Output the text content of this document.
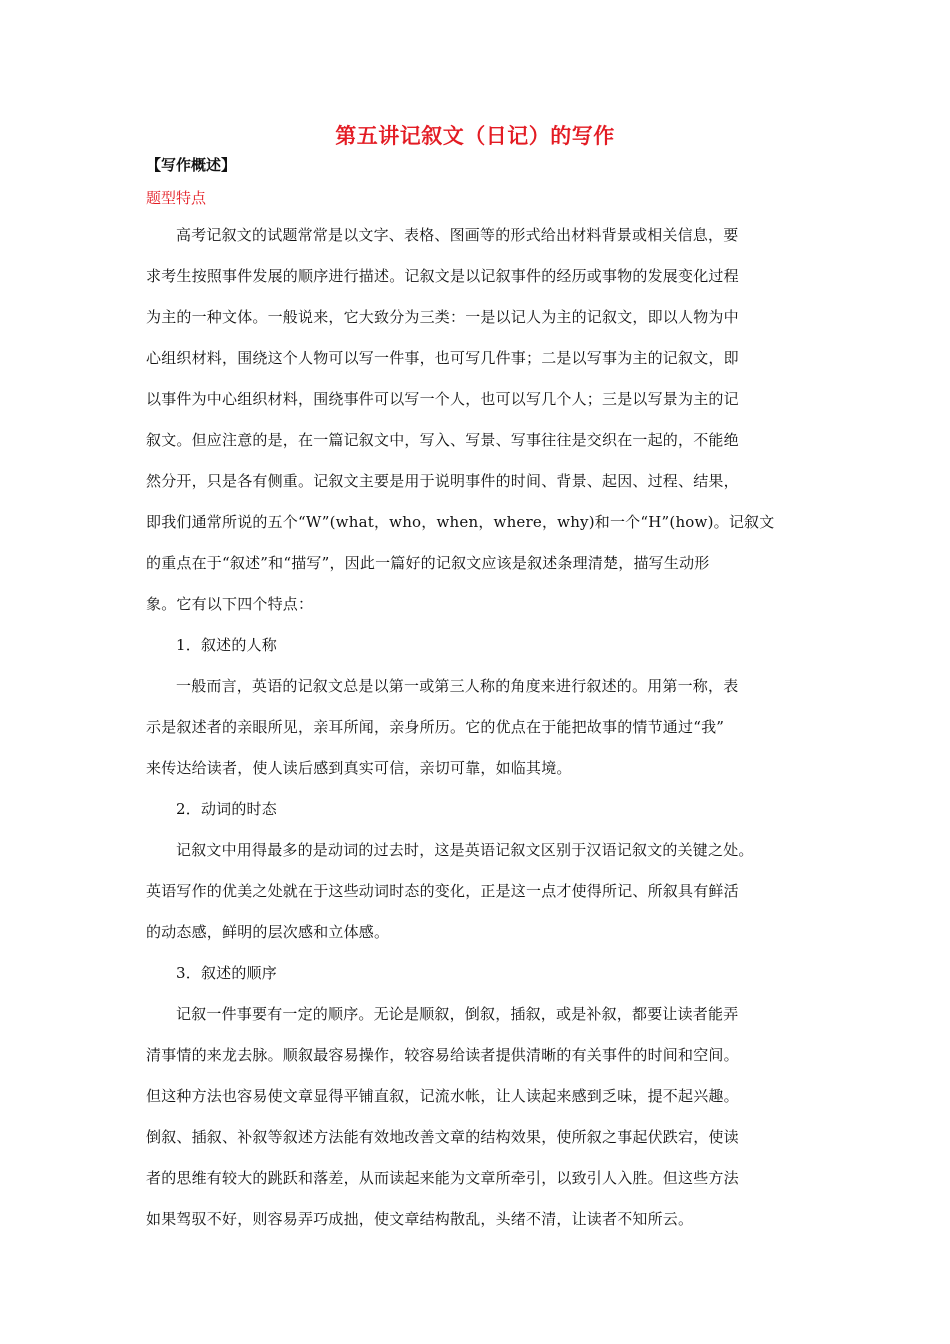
第五讲记叙文（日记）的写作
【写作概述】
题型特点
高考记叙文的试题常常是以文字、表格、图画等的形式给出材料背景或相关信息，要
求考生按照事件发展的顺序进行描述。记叙文是以记叙事件的经历或事物的发展变化过程
为主的一种文体。一般说来，它大致分为三类：一是以记人为主的记叙文，即以人物为中
心组织材料，围绕这个人物可以写一件事，也可写几件事；二是以写事为主的记叙文，即
以事件为中心组织材料，围绕事件可以写一个人，也可以写几个人；三是以写景为主的记
叙文。但应注意的是，在一篇记叙文中，写入、写景、写事往往是交织在一起的，不能绝
然分开，只是各有侧重。记叙文主要是用于说明事件的时间、背景、起因、过程、结果，
即我们通常所说的五个“W”(what，who，when，where，why)和一个“H”(how)。记叙文
的重点在于“叙述”和“描写”，因此一篇好的记叙文应该是叙述条理清楚，描写生动形
象。它有以下四个特点：
1．叙述的人称
一般而言，英语的记叙文总是以第一或第三人称的角度来进行叙述的。用第一称，表
示是叙述者的亲眼所见，亲耳所闻，亲身所历。它的优点在于能把故事的情节通过“我”
来传达给读者，使人读后感到真实可信，亲切可靠，如临其境。
2．动词的时态
记叙文中用得最多的是动词的过去时，这是英语记叙文区别于汉语记叙文的关键之处。
英语写作的优美之处就在于这些动词时态的变化，正是这一点才使得所记、所叙具有鲜活
的动态感，鲜明的层次感和立体感。
3．叙述的顺序
记叙一件事要有一定的顺序。无论是顺叙，倒叙，插叙，或是补叙，都要让读者能弄
清事情的来龙去脉。顺叙最容易操作，较容易给读者提供清晰的有关事件的时间和空间。
但这种方法也容易使文章显得平铺直叙，记流水帐，让人读起来感到乏味，提不起兴趣。
倒叙、插叙、补叙等叙述方法能有效地改善文章的结构效果，使所叙之事起伏跌宕，使读
者的思维有较大的跳跃和落差，从而读起来能为文章所牵引，以致引人入胜。但这些方法
如果驾驭不好，则容易弄巧成拙，使文章结构散乱，头绪不清，让读者不知所云。
